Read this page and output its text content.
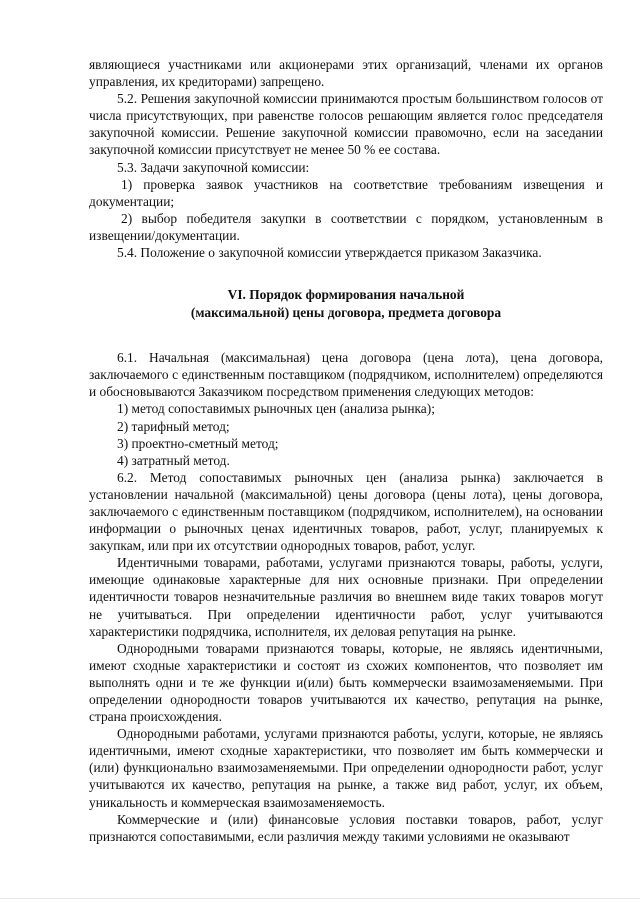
являющиеся участниками или акционерами этих организаций, членами их органов управления, их кредиторами) запрещено.

5.2. Решения закупочной комиссии принимаются простым большинством голосов от числа присутствующих, при равенстве голосов решающим является голос председателя закупочной комиссии. Решение закупочной комиссии правомочно, если на заседании закупочной комиссии присутствует не менее 50 % ее состава.

5.3. Задачи закупочной комиссии:

1) проверка заявок участников на соответствие требованиям извещения и документации;

2) выбор победителя закупки в соответствии с порядком, установленным в извещении/документации.

5.4. Положение о закупочной комиссии утверждается приказом Заказчика.

VI. Порядок формирования начальной
(максимальной) цены договора, предмета договора

6.1. Начальная (максимальная) цена договора (цена лота), цена договора, заключаемого с единственным поставщиком (подрядчиком, исполнителем) определяются и обосновываются Заказчиком посредством применения следующих методов:

1) метод сопоставимых рыночных цен (анализа рынка);

2) тарифный метод;

3) проектно-сметный метод;

4) затратный метод.

6.2. Метод сопоставимых рыночных цен (анализа рынка) заключается в установлении начальной (максимальной) цены договора (цены лота), цены договора, заключаемого с единственным поставщиком (подрядчиком, исполнителем), на основании информации о рыночных ценах идентичных товаров, работ, услуг, планируемых к закупкам, или при их отсутствии однородных товаров, работ, услуг.

Идентичными товарами, работами, услугами признаются товары, работы, услуги, имеющие одинаковые характерные для них основные признаки. При определении идентичности товаров незначительные различия во внешнем виде таких товаров могут не учитываться. При определении идентичности работ, услуг учитываются характеристики подрядчика, исполнителя, их деловая репутация на рынке.

Однородными товарами признаются товары, которые, не являясь идентичными, имеют сходные характеристики и состоят из схожих компонентов, что позволяет им выполнять одни и те же функции и(или) быть коммерчески взаимозаменяемыми. При определении однородности товаров учитываются их качество, репутация на рынке, страна происхождения.

Однородными работами, услугами признаются работы, услуги, которые, не являясь идентичными, имеют сходные характеристики, что позволяет им быть коммерчески и (или) функционально взаимозаменяемыми. При определении однородности работ, услуг учитываются их качество, репутация на рынке, а также вид работ, услуг, их объем, уникальность и коммерческая взаимозаменяемость.

Коммерческие и (или) финансовые условия поставки товаров, работ, услуг признаются сопоставимыми, если различия между такими условиями не оказывают
